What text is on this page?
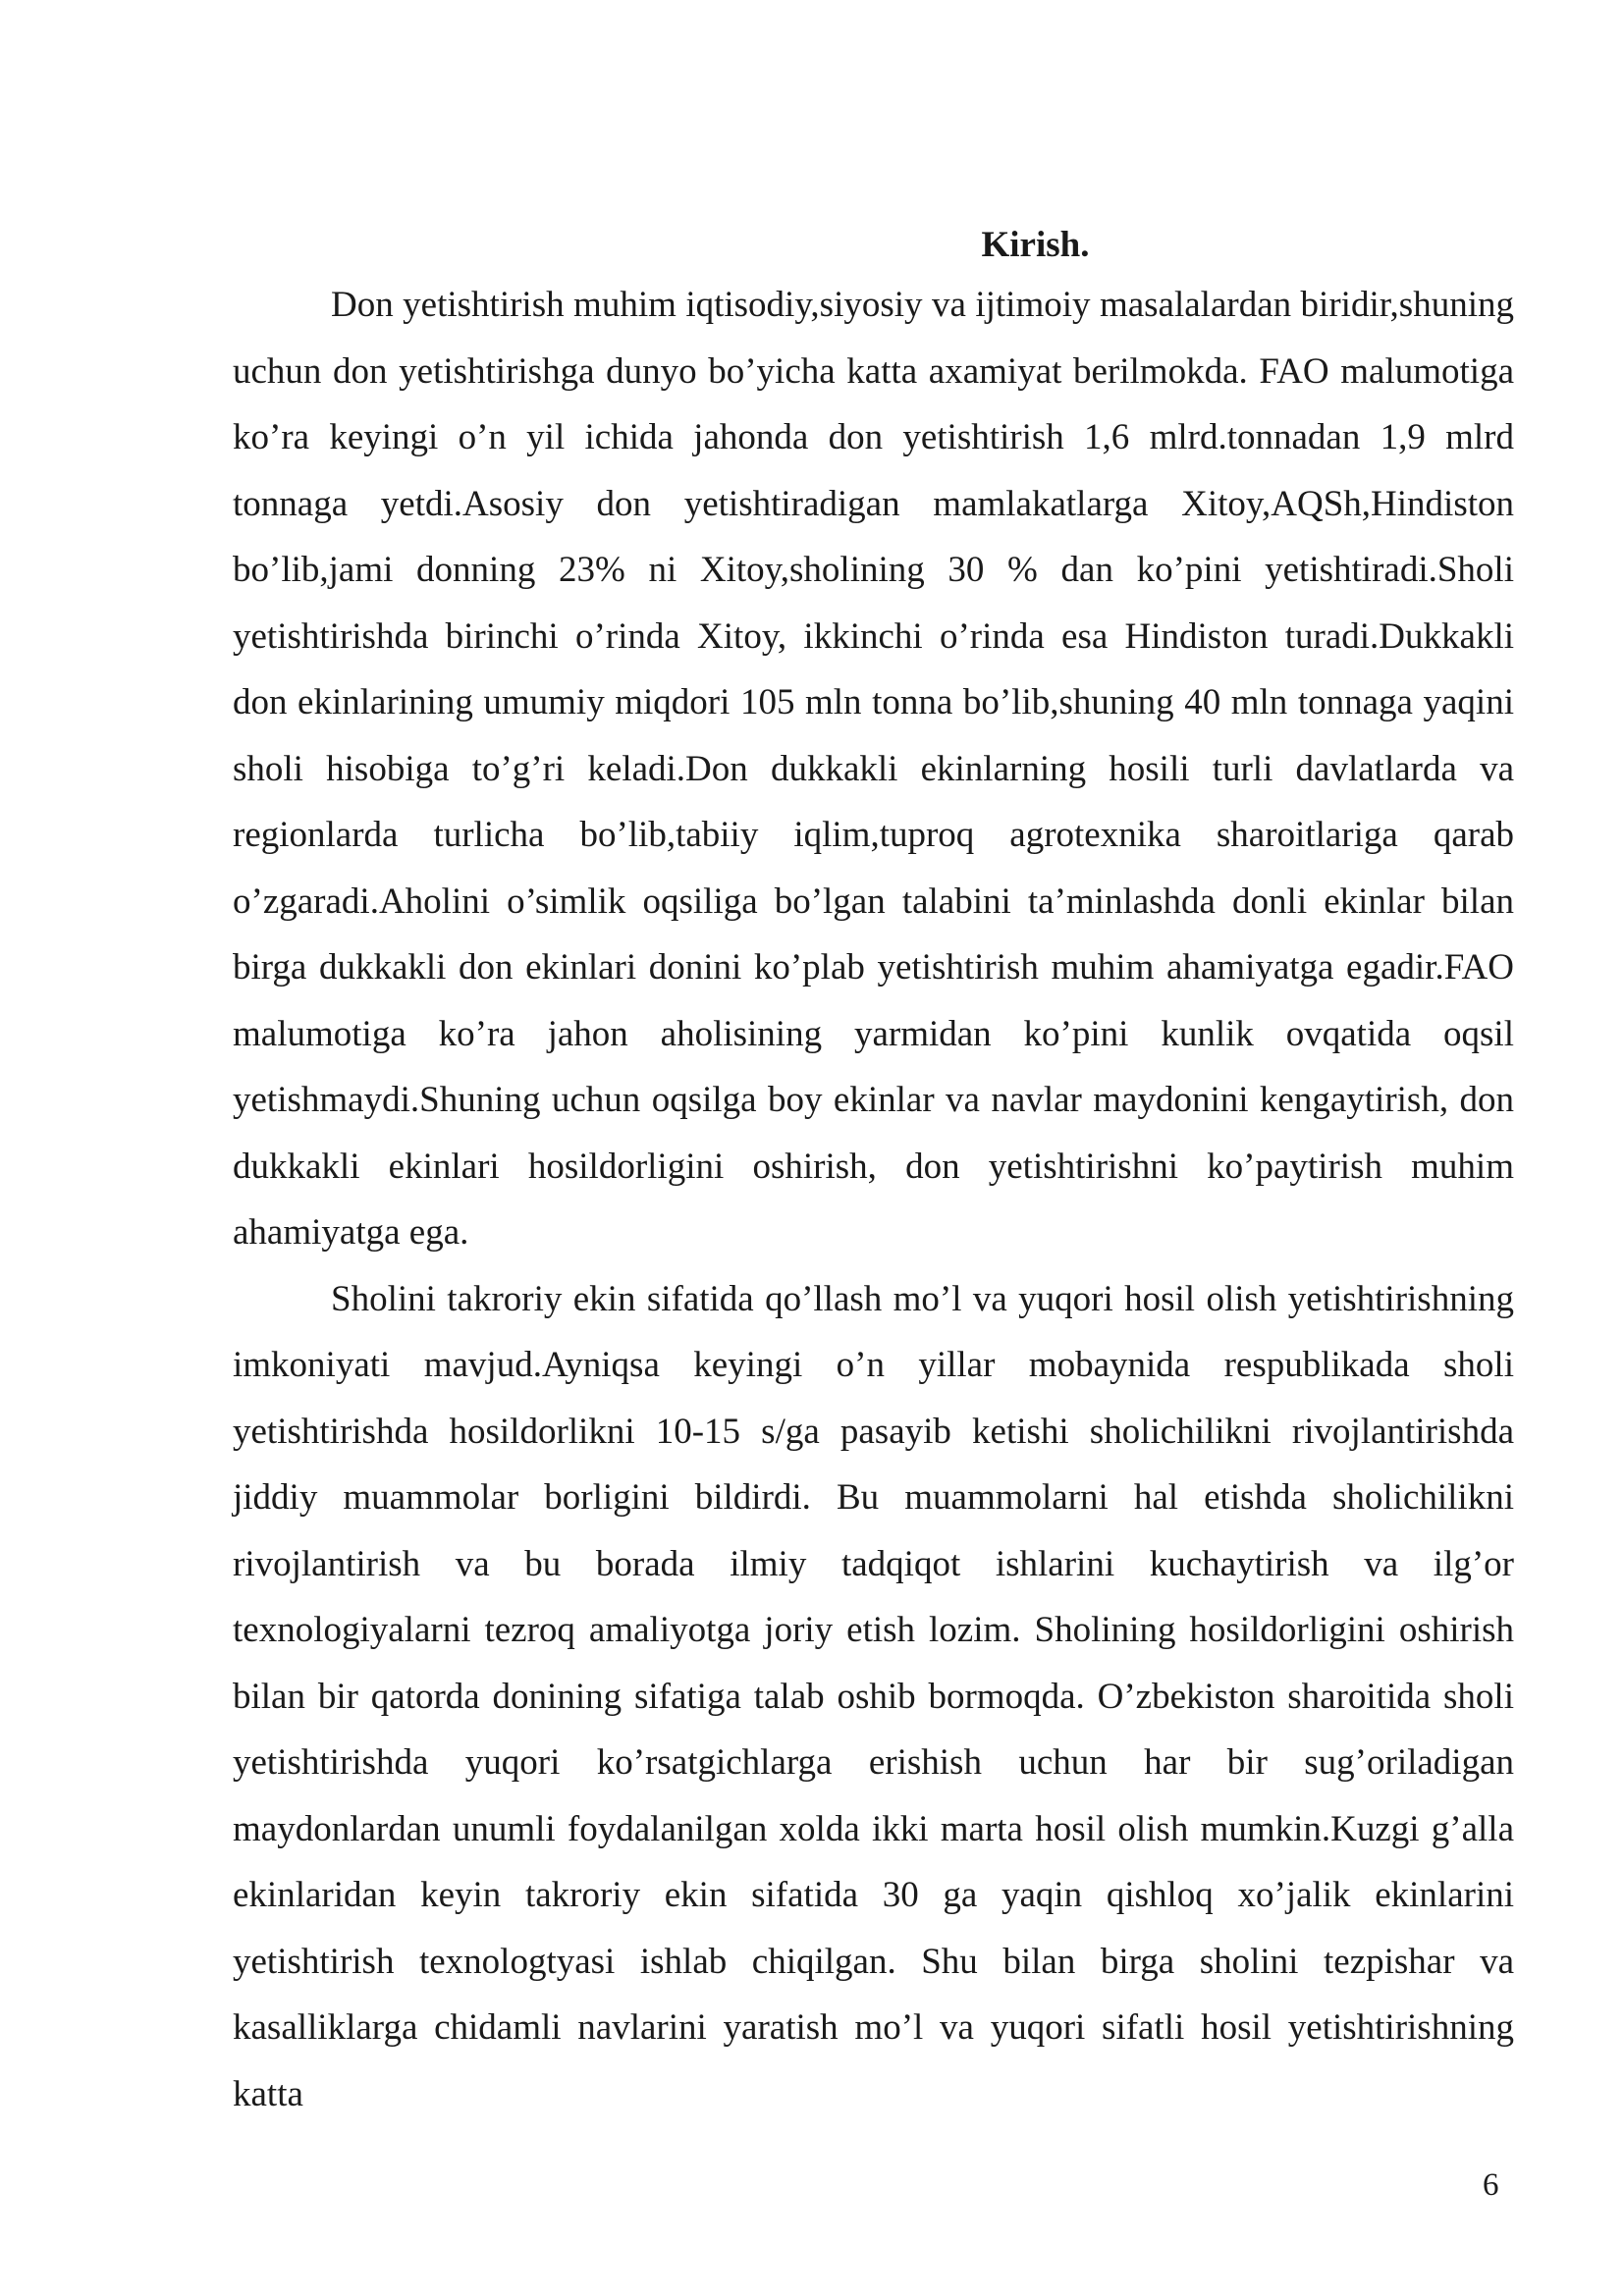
Kirish.

Don yetishtirish muhim iqtisodiy,siyosiy va ijtimoiy masalalardan biridir,shuning uchun don yetishtirishga dunyo bo’yicha katta axamiyat berilmokda. FAO malumotiga ko’ra keyingi o’n yil ichida jahonda don yetishtirish 1,6 mlrd.tonnadan 1,9 mlrd tonnaga yetdi.Asosiy don yetishtiradigan mamlakatlarga Xitoy,AQSh,Hindiston bo’lib,jami donning 23% ni Xitoy,sholining 30 % dan ko’pini yetishtiradi.Sholi yetishtirishda birinchi o’rinda Xitoy, ikkinchi o’rinda esa Hindiston turadi.Dukkakli don ekinlarining umumiy miqdori 105 mln tonna bo’lib,shuning 40 mln tonnaga yaqini sholi hisobiga to’g’ri keladi.Don dukkakli ekinlarning hosili turli davlatlarda va regionlarda turlicha bo’lib,tabiiy iqlim,tuproq agrotexnika sharoitlariga qarab o’zgaradi.Aholini o’simlik oqsiliga bo’lgan talabini ta’minlashda donli ekinlar bilan birga dukkakli don ekinlari donini ko’plab yetishtirish muhim ahamiyatga egadir.FAO malumotiga ko’ra jahon aholisining yarmidan ko’pini kunlik ovqatida oqsil yetishmaydi.Shuning uchun oqsilga boy ekinlar va navlar maydonini kengaytirish, don dukkakli ekinlari hosildorligini oshirish, don yetishtirishni ko’paytirish muhim ahamiyatga ega.

Sholini takroriy ekin sifatida qo’llash mo’l va yuqori hosil olish yetishtirishning imkoniyati mavjud.Ayniqsa keyingi o’n yillar mobaynida respublikada sholi yetishtirishda hosildorlikni 10-15 s/ga pasayib ketishi sholichilikni rivojlantirishda jiddiy muammolar borligini bildirdi. Bu muammolarni hal etishda sholichilikni rivojlantirish va bu borada ilmiy tadqiqot ishlarini kuchaytirish va ilg’or texnologiyalarni tezroq amaliyotga joriy etish lozim. Sholining hosildorligini oshirish bilan bir qatorda donining sifatiga talab oshib bormoqda. O’zbekiston sharoitida sholi yetishtirishda yuqori ko’rsatgichlarga erishish uchun har bir sug’oriladigan maydonlardan unumli foydalanilgan xolda ikki marta hosil olish mumkin.Kuzgi g’alla ekinlaridan keyin takroriy ekin sifatida 30 ga yaqin qishloq xo’jalik ekinlarini yetishtirish texnologtyasi ishlab chiqilgan. Shu bilan birga sholini tezpishar va kasalliklarga chidamli navlarini yaratish mo’l va yuqori sifatli hosil yetishtirishning katta

6
